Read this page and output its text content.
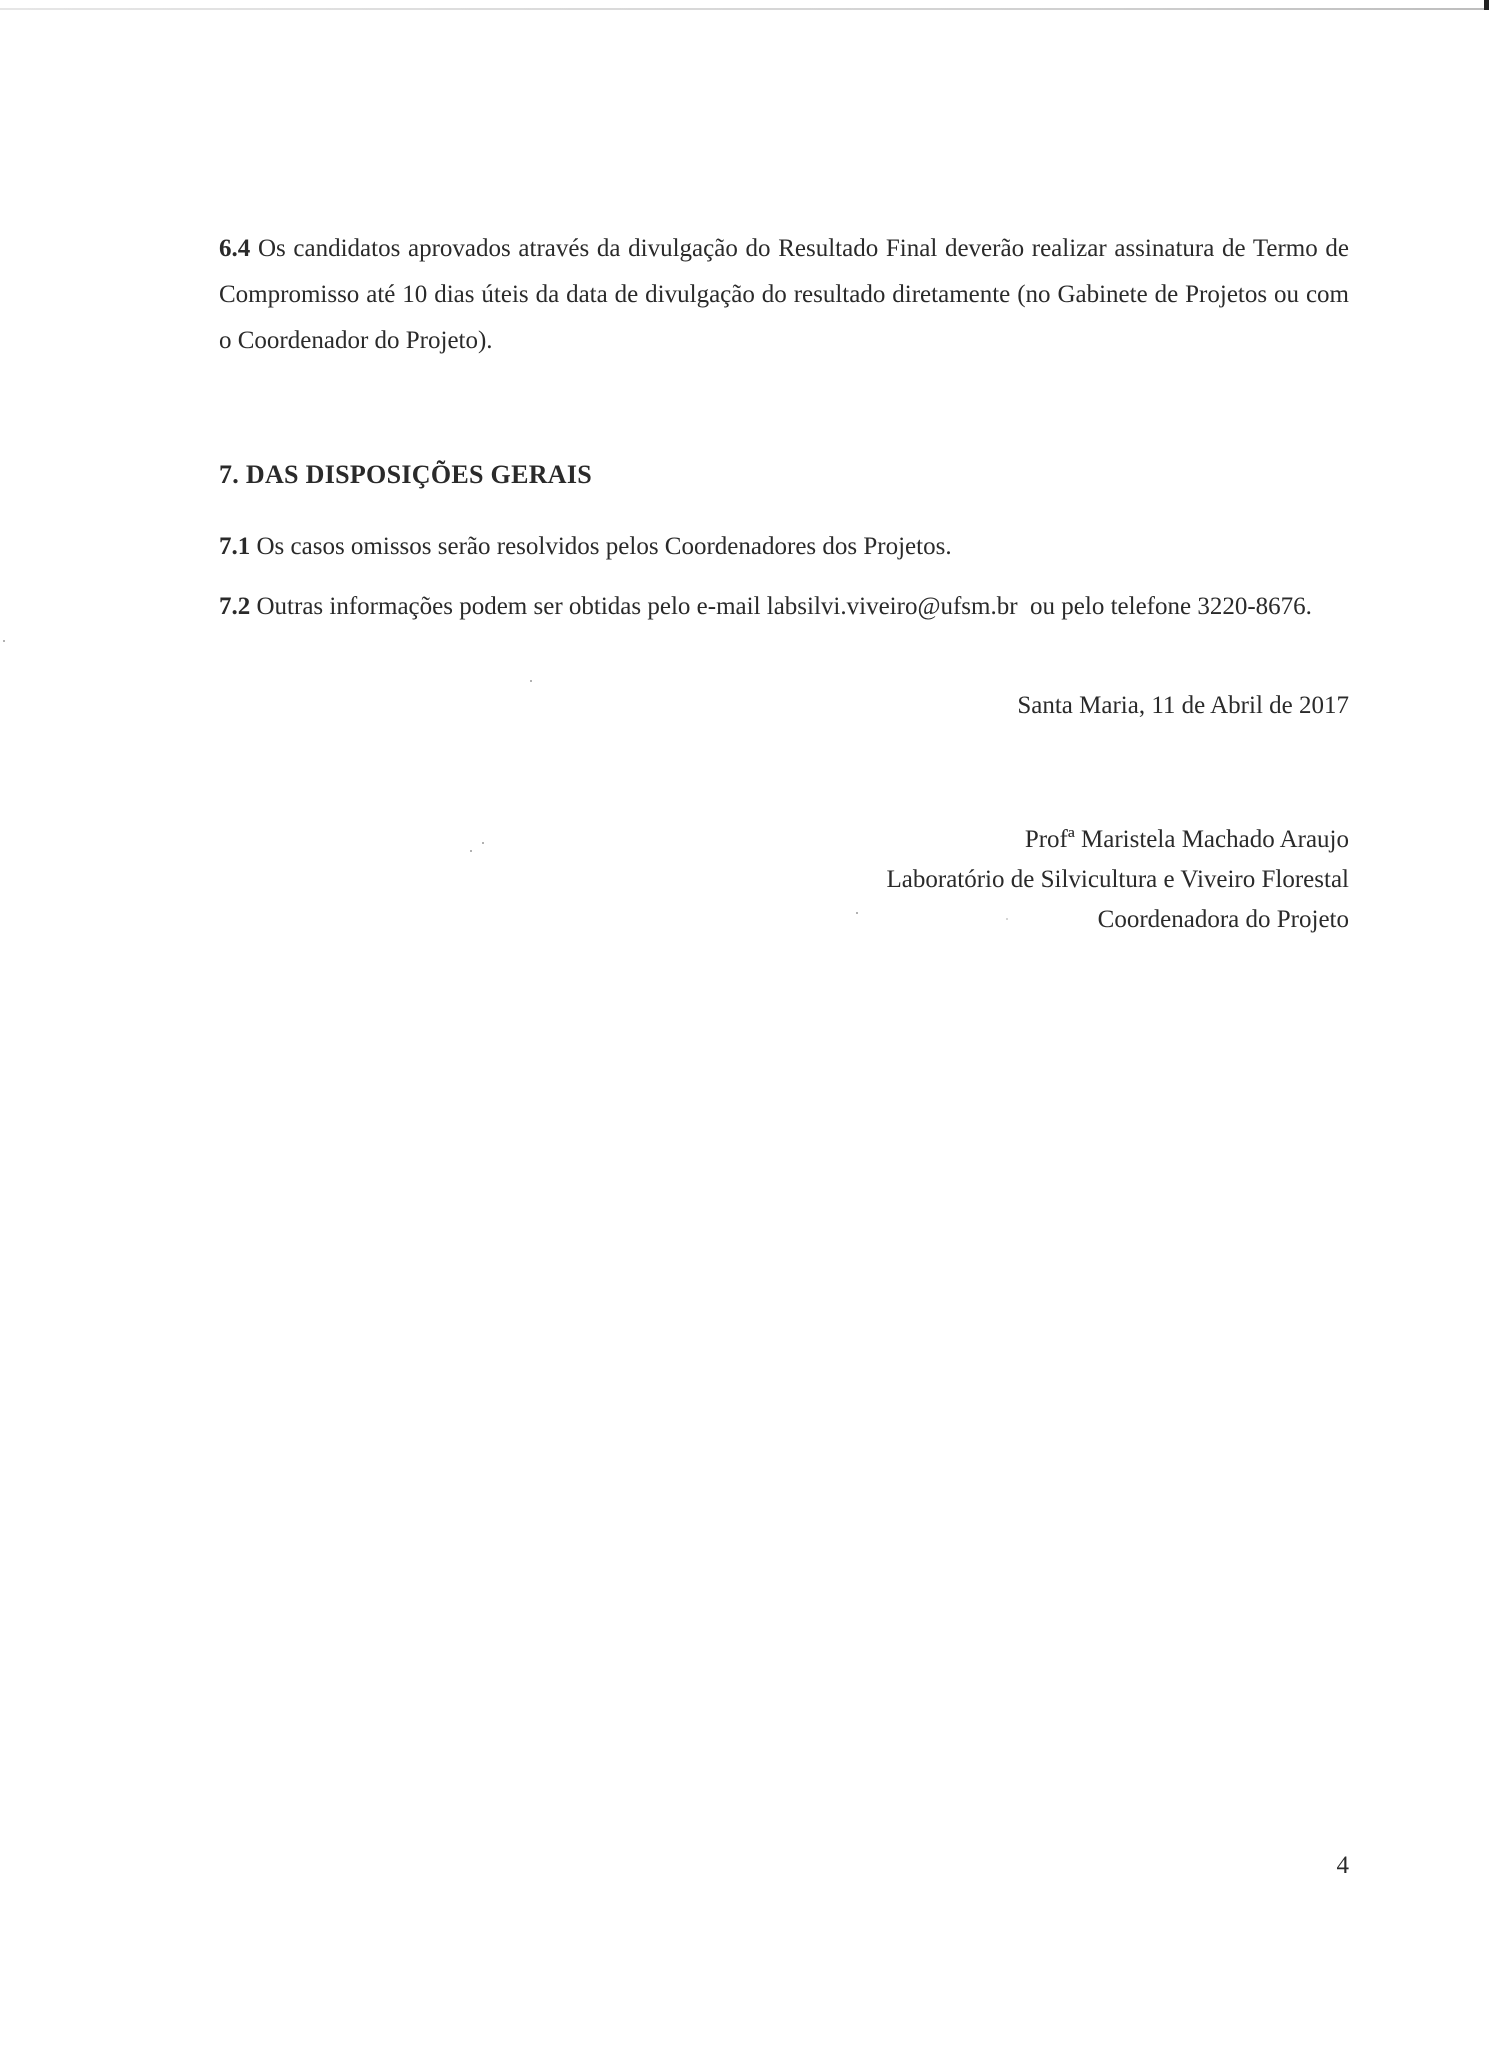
6.4 Os candidatos aprovados através da divulgação do Resultado Final deverão realizar assinatura de Termo de Compromisso até 10 dias úteis da data de divulgação do resultado diretamente (no Gabinete de Projetos ou com o Coordenador do Projeto).

7. DAS DISPOSIÇÕES GERAIS

7.1 Os casos omissos serão resolvidos pelos Coordenadores dos Projetos.

7.2 Outras informações podem ser obtidas pelo e-mail labsilvi.viveiro@ufsm.br  ou pelo telefone 3220-8676.

Santa Maria, 11 de Abril de 2017
Profª Maristela Machado Araujo
Laboratório de Silvicultura e Viveiro Florestal
Coordenadora do Projeto
4
